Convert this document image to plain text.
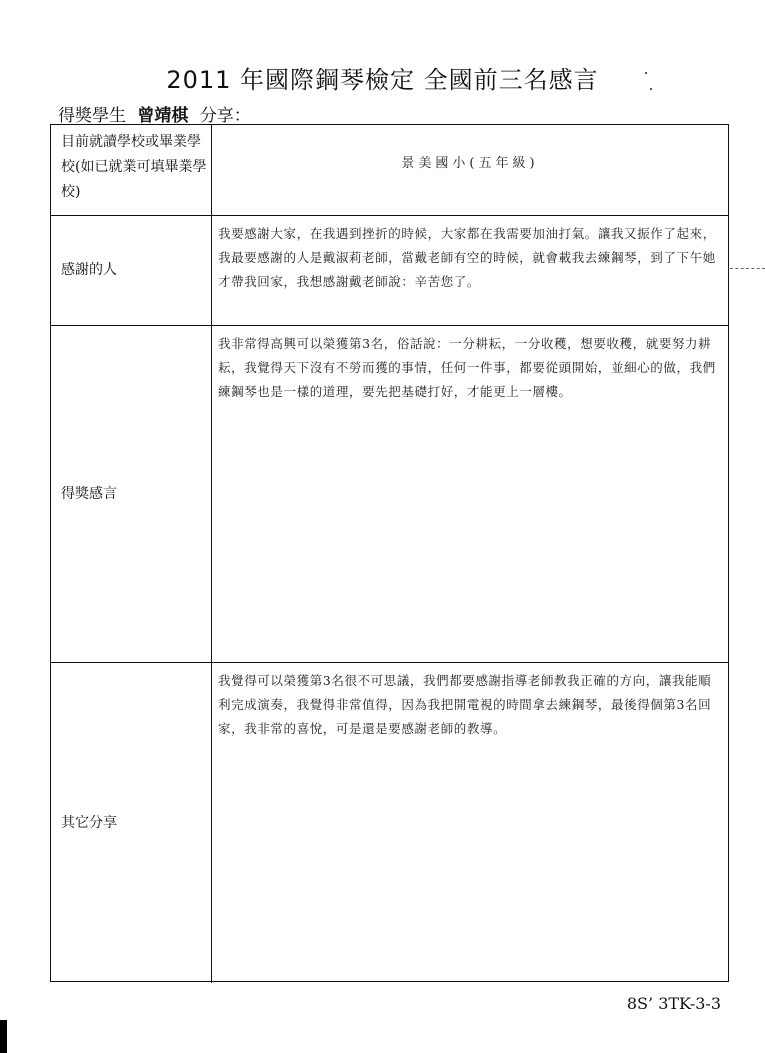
2011 年國際鋼琴檢定 全國前三名感言
得獎學生 曾靖棋 分享：
目前就讀學校或畢業學校(如已就業可填畢業學校)
景美國小(五年級)
感謝的人

我要感謝大家，在我遇到挫折的時候，大家都在我需要加油打氣。讓我又振作了起來，我最要感謝的人是戴淑莉老師，當戴老師有空的時候，就會載我去練鋼琴，到了下午她才帶我回家，我想感謝戴老師說：辛苦您了。

得獎感言

我非常得高興可以榮獲第3名，俗話說：一分耕耘，一分收穫，想要收穫，就要努力耕耘，我覺得天下沒有不勞而獲的事情，任何一件事，都要從頭開始，並細心的做，我們練鋼琴也是一樣的道理，要先把基礎打好，才能更上一層樓。

其它分享

我覺得可以榮獲第3名很不可思議，我們都要感謝指導老師教我正確的方向，讓我能順利完成演奏，我覺得非常值得，因為我把開電視的時間拿去練鋼琴，最後得個第3名回家，我非常的喜悅，可是還是要感謝老師的教導。

8S’ 3TK-3-3
